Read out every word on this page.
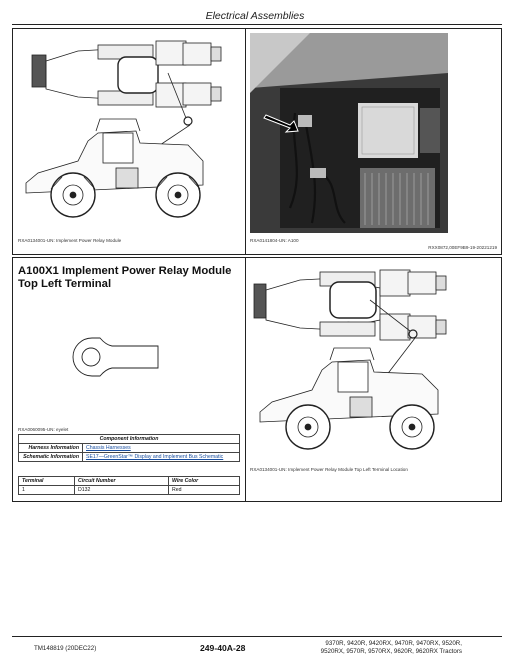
Electrical Assemblies
RXA0134001-UN: Implement Power Relay Module	RXA0141804-UN: A100
RXX0872,00EF9B9-19-20221219
A100X1 Implement Power Relay Module
Top Left Terminal
RXA0060095-UN: eyelet
Component Information	
Harness Information	Chassis Harnesses
Schematic Information	SE17—GreenStar™ Display and Implement Bus Schematic
Terminal	Circuit Number	Wire Color
1	D132	Red
RXA0134001-UN: Implement Power Relay Module Top Left Terminal Location
TM148819 (20DEC22)	249-40A-28	9370R, 9420R, 9420RX, 9470R, 9470RX, 9520R,
9520RX, 9570R, 9570RX, 9620R, 9620RX Tractors
